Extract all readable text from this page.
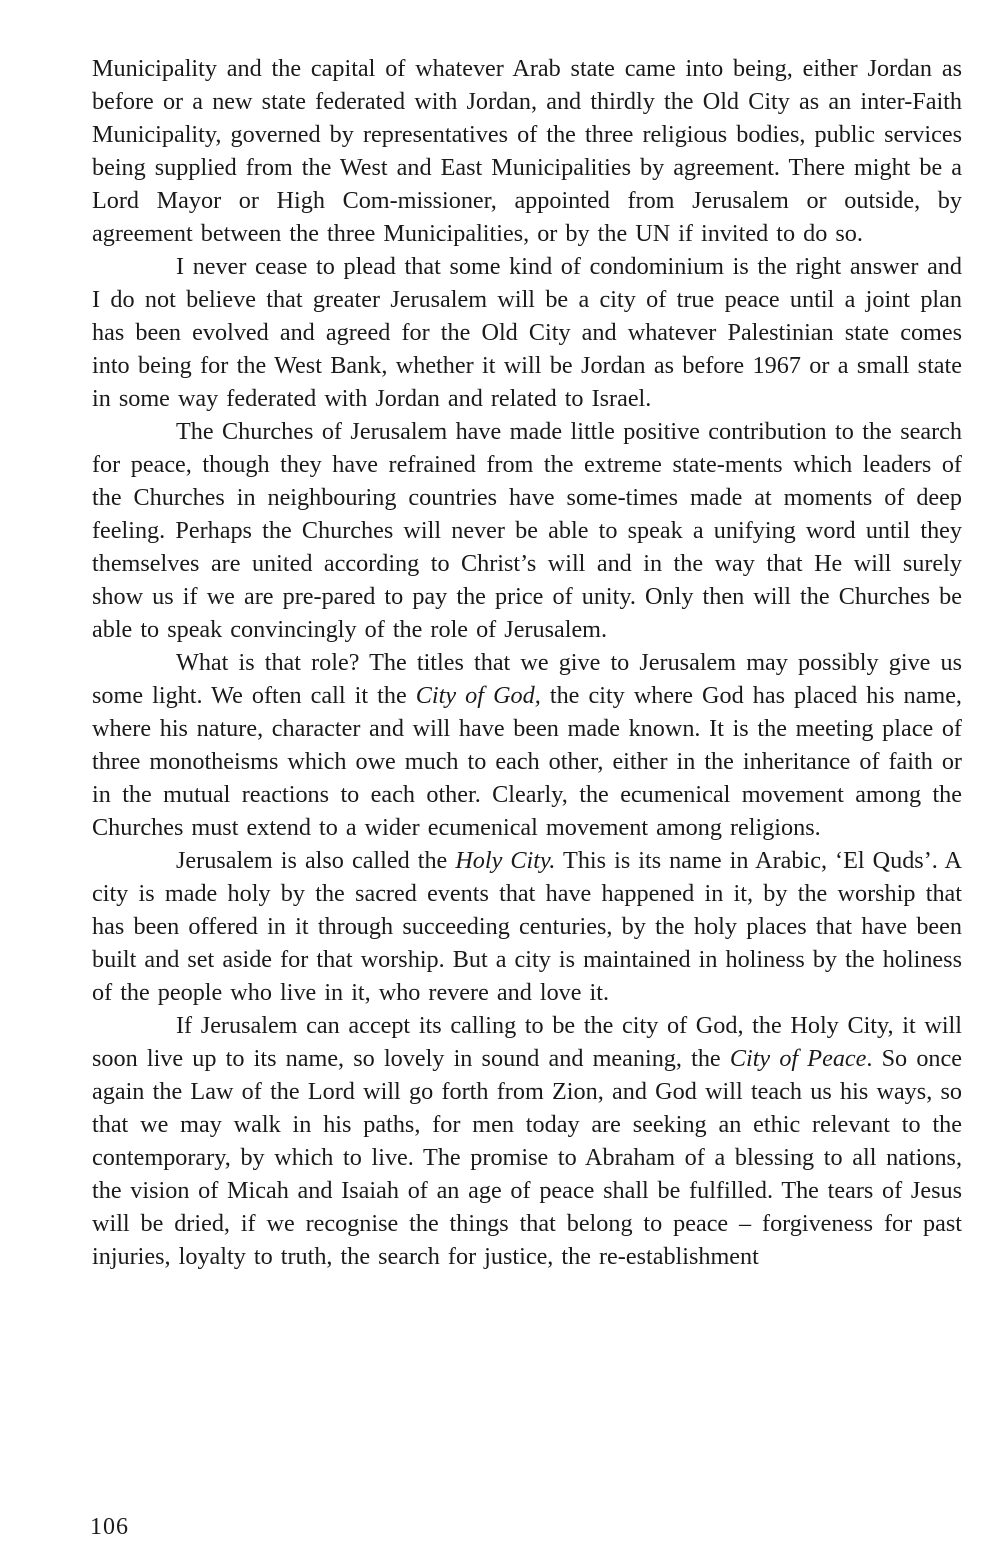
Municipality and the capital of whatever Arab state came into being, either Jordan as before or a new state federated with Jordan, and thirdly the Old City as an inter-Faith Municipality, governed by representatives of the three religious bodies, public services being supplied from the West and East Municipalities by agreement. There might be a Lord Mayor or High Com-missioner, appointed from Jerusalem or outside, by agreement between the three Municipalities, or by the UN if invited to do so.

I never cease to plead that some kind of condominium is the right answer and I do not believe that greater Jerusalem will be a city of true peace until a joint plan has been evolved and agreed for the Old City and whatever Palestinian state comes into being for the West Bank, whether it will be Jordan as before 1967 or a small state in some way federated with Jordan and related to Israel.

The Churches of Jerusalem have made little positive contribution to the search for peace, though they have refrained from the extreme state-ments which leaders of the Churches in neighbouring countries have some-times made at moments of deep feeling. Perhaps the Churches will never be able to speak a unifying word until they themselves are united according to Christ’s will and in the way that He will surely show us if we are pre-pared to pay the price of unity. Only then will the Churches be able to speak convincingly of the role of Jerusalem.

What is that role? The titles that we give to Jerusalem may possibly give us some light. We often call it the City of God, the city where God has placed his name, where his nature, character and will have been made known. It is the meeting place of three monotheisms which owe much to each other, either in the inheritance of faith or in the mutual reactions to each other. Clearly, the ecumenical movement among the Churches must extend to a wider ecumenical movement among religions.

Jerusalem is also called the Holy City. This is its name in Arabic, ‘El Quds’. A city is made holy by the sacred events that have happened in it, by the worship that has been offered in it through succeeding centuries, by the holy places that have been built and set aside for that worship. But a city is maintained in holiness by the holiness of the people who live in it, who revere and love it.

If Jerusalem can accept its calling to be the city of God, the Holy City, it will soon live up to its name, so lovely in sound and meaning, the City of Peace. So once again the Law of the Lord will go forth from Zion, and God will teach us his ways, so that we may walk in his paths, for men today are seeking an ethic relevant to the contemporary, by which to live. The promise to Abraham of a blessing to all nations, the vision of Micah and Isaiah of an age of peace shall be fulfilled. The tears of Jesus will be dried, if we recognise the things that belong to peace – forgiveness for past injuries, loyalty to truth, the search for justice, the re-establishment

106
